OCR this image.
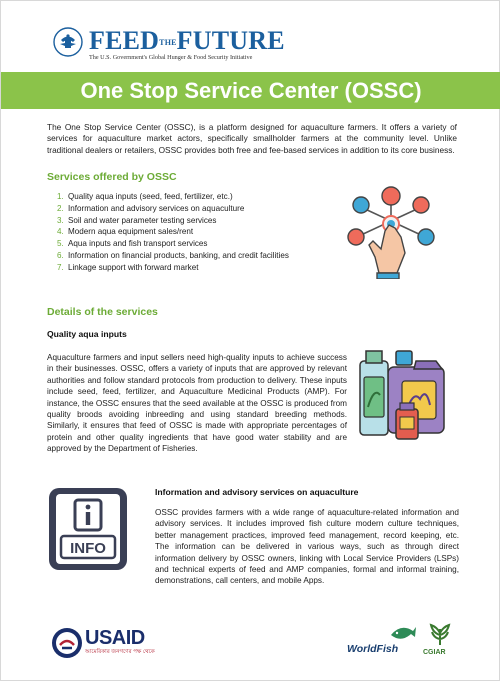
FEEDTHEFUTURE
The U.S. Government's Global Hunger & Food Security Initiative
One Stop Service Center (OSSC)

The One Stop Service Center (OSSC), is a platform designed for aquaculture farmers. It offers a variety of services for aquaculture market actors, specifically smallholder farmers at the community level. Unlike traditional dealers or retailers, OSSC provides both free and fee-based services in addition to its core business.

Services offered by OSSC
1. Quality aqua inputs (seed, feed, fertilizer, etc.)
2. Information and advisory services on aquaculture
3. Soil and water parameter testing services
4. Modern aqua equipment sales/rent
5. Aqua inputs and fish transport services
6. Information on financial products, banking, and credit facilities
7. Linkage support with forward market
Details of the services
Quality aqua inputs

Aquaculture farmers and input sellers need high-quality inputs to achieve success in their businesses. OSSC, offers a variety of inputs that are approved by relevant authorities and follow standard protocols from production to delivery. These inputs include seed, feed, fertilizer, and Aquaculture Medicinal Products (AMP). For instance, the OSSC ensures that the seed available at the OSSC is produced from quality broods avoiding inbreeding and using standard breeding methods. Similarly, it ensures that feed of OSSC is made with appropriate percentages of protein and other quality ingredients that have good water stability and are approved by the Department of Fisheries.

INFO
Information and advisory services on aquaculture

OSSC provides farmers with a wide range of aquaculture-related information and advisory services. It includes improved fish culture modern culture techniques, better management practices, improved feed management, record keeping, etc. The information can be delivered in various ways, such as through direct information delivery by OSSC owners, linking with Local Service Providers (LSPs) and technical experts of feed and AMP companies, formal and informal training, demonstrations, call centers, and mobile Apps.

USAID
আমেরিকার জনগণের পক্ষ থেকে	WorldFish	CGIAR
